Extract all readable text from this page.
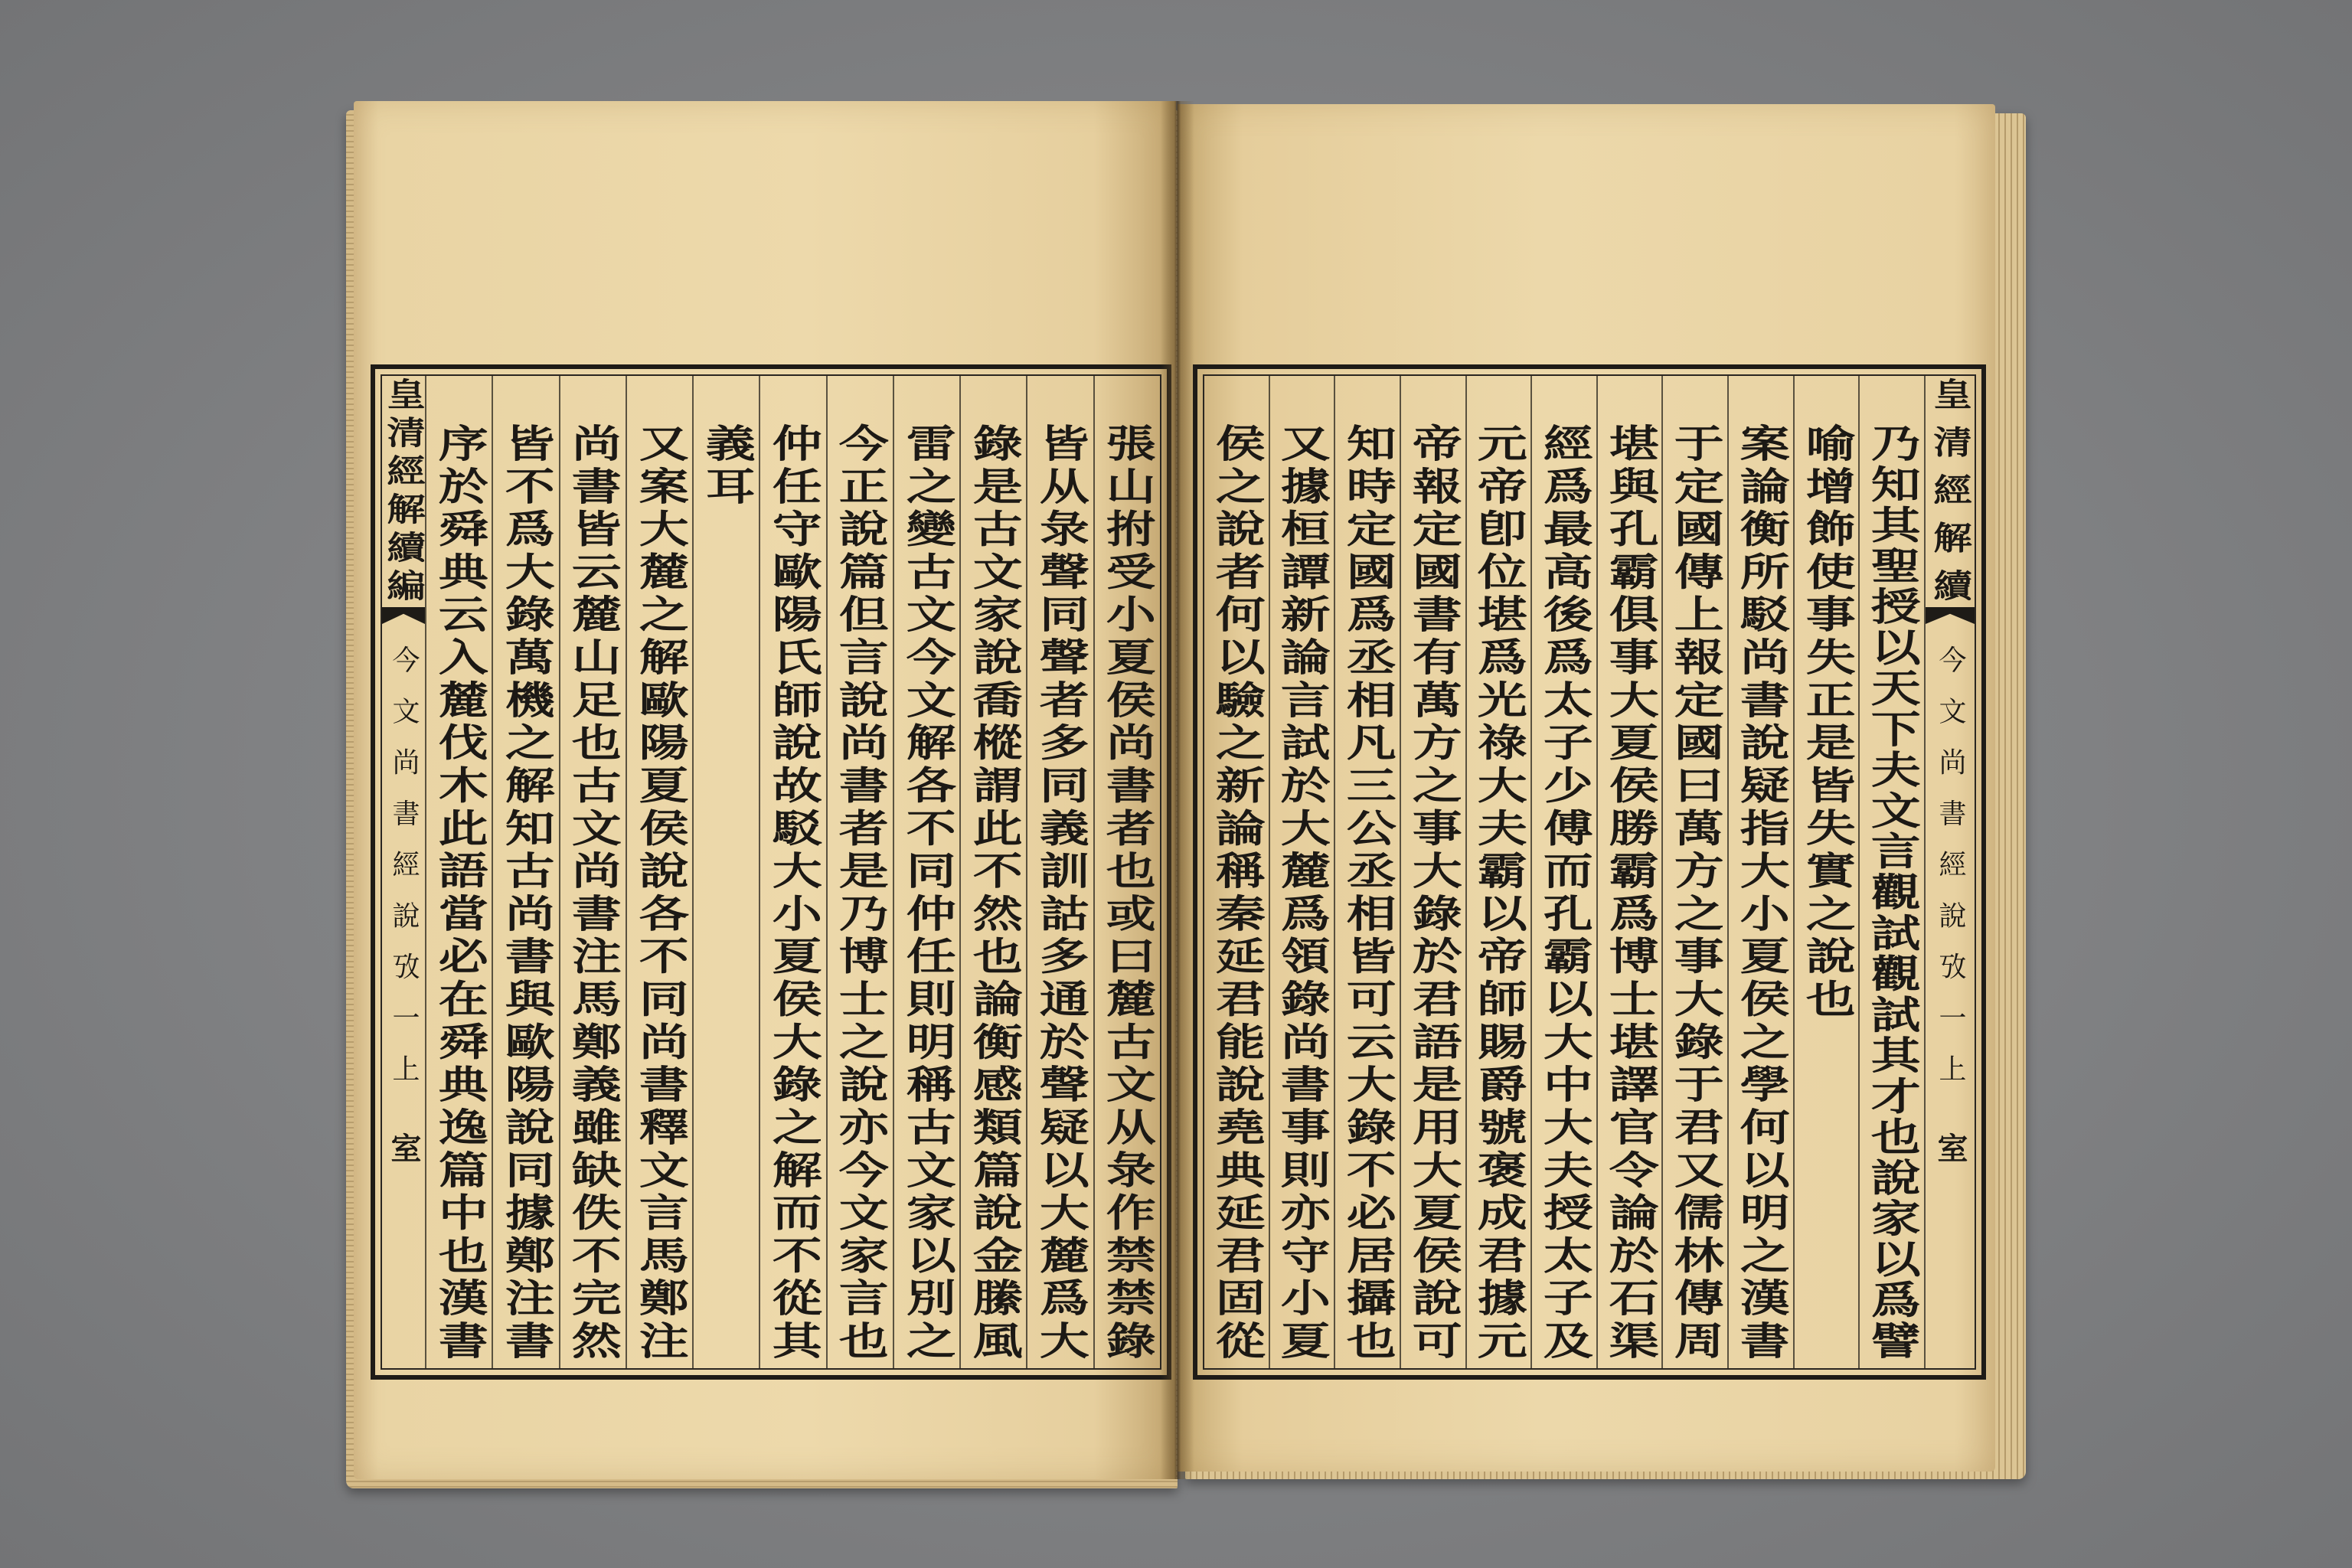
皇清經解續編
今文尚書經說攷一上
室	張山拊受小夏侯尚書者也或曰麓古文从彔作禁禁錄
皆从彔聲同聲者多同義訓詁多通於聲疑以大麓爲大
錄是古文家說喬樅謂此不然也論衡感類篇說金縢風
雷之變古文今文解各不同仲任則明稱古文家以別之
今正說篇但言說尚書者是乃博士之說亦今文家言也
仲任守歐陽氏師說故駁大小夏侯大錄之解而不從其
義耳
又案大麓之解歐陽夏侯說各不同尚書釋文言馬鄭注
尚書皆云麓山足也古文尚書注馬鄭義雖缺佚不完然
皆不爲大錄萬機之解知古尚書與歐陽說同據鄭注書
序於舜典云入麓伐木此語當必在舜典逸篇中也漢書	乃知其聖授以天下夫文言觀試觀試其才也說家以爲譬
喻增飾使事失正是皆失實之說也
案論衡所駁尚書說疑指大小夏侯之學何以明之漢書
于定國傳上報定國曰萬方之事大錄于君又儒林傳周
堪與孔霸俱事大夏侯勝霸爲博士堪譯官令論於石渠
經爲最高後爲太子少傅而孔霸以大中大夫授太子及
元帝卽位堪爲光祿大夫霸以帝師賜爵號褒成君據元
帝報定國書有萬方之事大錄於君語是用大夏侯說可
知時定國爲丞相凡三公丞相皆可云大錄不必居攝也
又據桓譚新論言試於大麓爲領錄尚書事則亦守小夏
侯之說者何以驗之新論稱秦延君能說堯典延君固從	皇清經解續
今文尚書經說攷一上
室
